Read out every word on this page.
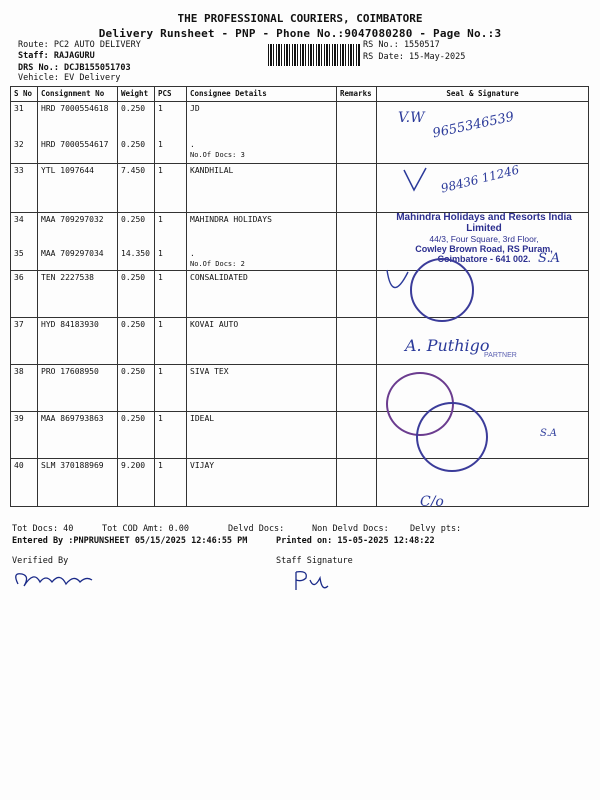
THE PROFESSIONAL COURIERS, COIMBATORE
Delivery Runsheet - PNP - Phone No.:9047080280 - Page No.:3
Route: PC2 AUTO DELIVERY
Staff: RAJAGURU
DRS No.: DCJB155051703
Vehicle: EV Delivery
RS No.: 1550517
RS Date: 15-May-2025
S No	Consignment No	Weight	PCS	Consignee Details	Remarks	Seal & Signature
31	HRD 7000554618	0.250	1	JD		
32	HRD 7000554617	0.250	1	.
No.Of Docs: 3		

33	YTL 1097644	7.450	1	KANDHILAL		
34	MAA 709297032	0.250	1	MAHINDRA HOLIDAYS		
35	MAA 709297034	14.350	1	.
No.Of Docs: 2		

36	TEN 2227538	0.250	1	CONSALIDATED		
37	HYD 84183930	0.250	1	KOVAI AUTO		
38	PRO 17608950	0.250	1	SIVA TEX		
39	MAA 869793863	0.250	1	IDEAL		
40	SLM 370188969	9.200	1	VIJAY		
V.W 9655346539
98436 11246
Mahindra Holidays and Resorts India Limited
44/3, Four Square, 3rd Floor,
Cowley Brown Road, RS Puram,
Coimbatore - 641 002. S.A
A. Puthigo
PARTNER
S.A
C/o
Tot Docs: 40	Tot COD Amt: 0.00	Delvd Docs:	Non Delvd Docs: Delvy pts:
Entered By :PNPRUNSHEET 05/15/2025 12:46:55 PM	Printed on: 15-05-2025 12:48:22
Verified By	Staff Signature
